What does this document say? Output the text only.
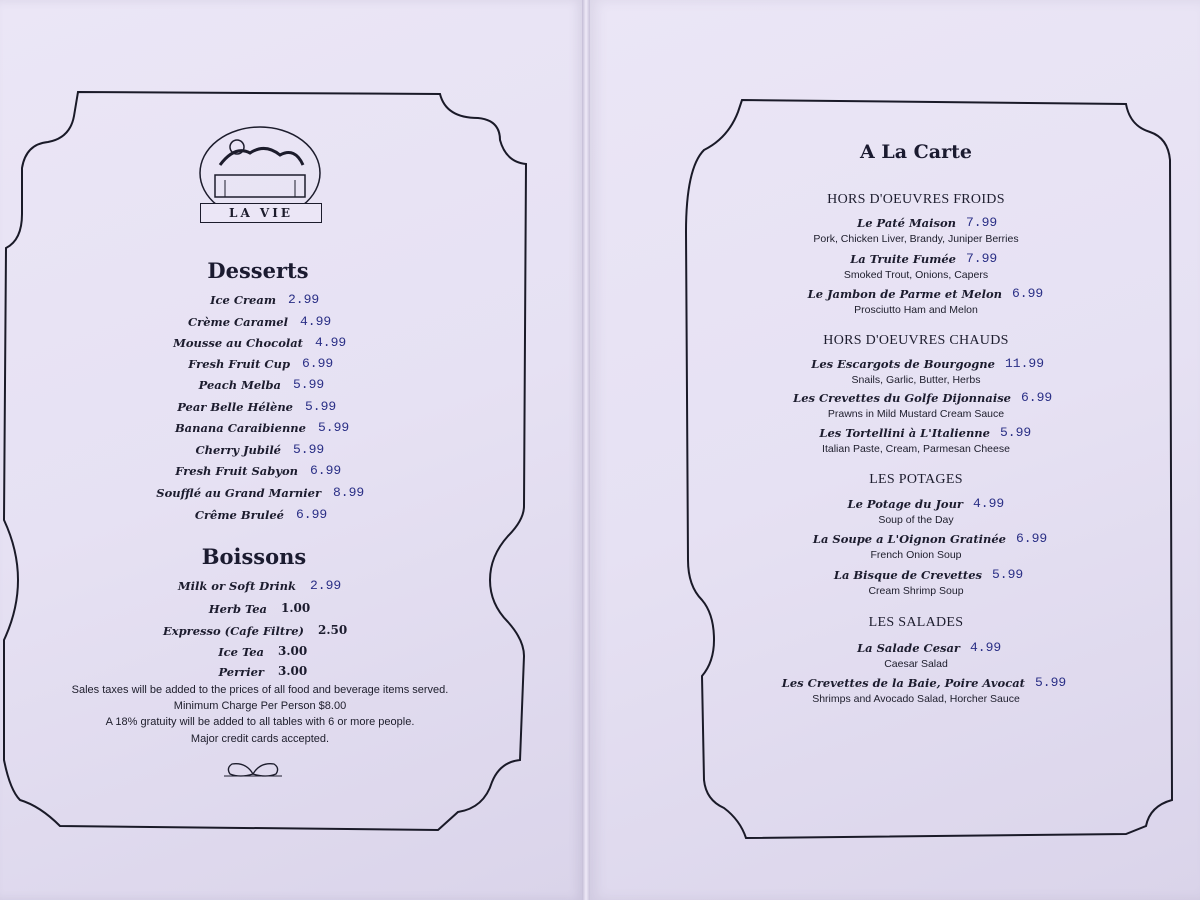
LA VIE
Desserts
Ice Cream 2.99
Crème Caramel 4.99
Mousse au Chocolat 4.99
Fresh Fruit Cup 6.99
Peach Melba 5.99
Pear Belle Hélène 5.99
Banana Caraibienne 5.99
Cherry Jubilé 5.99
Fresh Fruit Sabyon 6.99
Soufflé au Grand Marnier 8.99
Crême Bruleé 6.99
Boissons
Milk or Soft Drink 2.99
Herb Tea 1.00
Expresso (Cafe Filtre) 2.50
Ice Tea 3.00
Perrier 3.00
Sales taxes will be added to the prices of all food and beverage items served.
Minimum Charge Per Person $8.00
A 18% gratuity will be added to all tables with 6 or more people.
Major credit cards accepted.
A La Carte
HORS D'OEUVRES FROIDS
Le Paté Maison 7.99
Pork, Chicken Liver, Brandy, Juniper Berries
La Truite Fumée 7.99
Smoked Trout, Onions, Capers
Le Jambon de Parme et Melon 6.99
Prosciutto Ham and Melon
HORS D'OEUVRES CHAUDS
Les Escargots de Bourgogne 11.99
Snails, Garlic, Butter, Herbs
Les Crevettes du Golfe Dijonnaise 6.99
Prawns in Mild Mustard Cream Sauce
Les Tortellini à L'Italienne 5.99
Italian Paste, Cream, Parmesan Cheese
LES POTAGES
Le Potage du Jour 4.99
Soup of the Day
La Soupe a L'Oignon Gratinée 6.99
French Onion Soup
La Bisque de Crevettes 5.99
Cream Shrimp Soup
LES SALADES
La Salade Cesar 4.99
Caesar Salad
Les Crevettes de la Baie, Poire Avocat 5.99
Shrimps and Avocado Salad, Horcher Sauce
